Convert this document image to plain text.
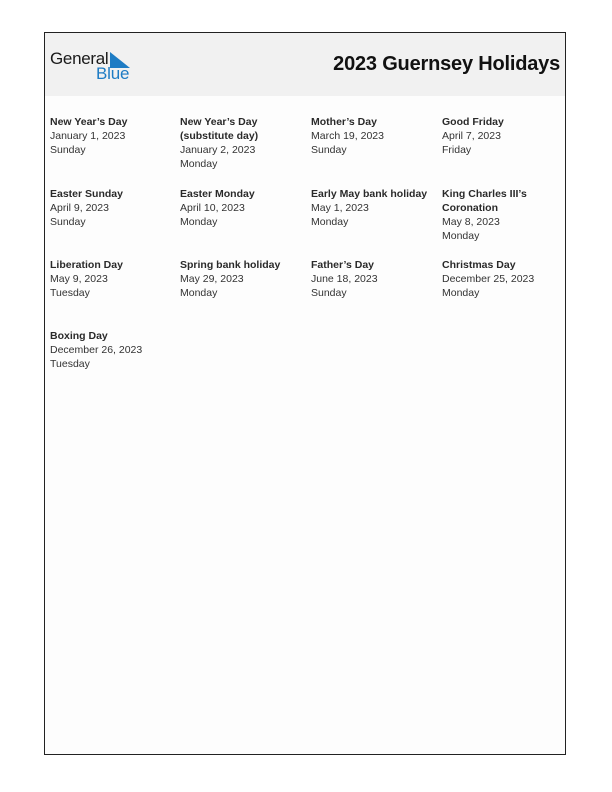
General
Blue	2023 Guernsey Holidays
New Year’s Day
January 1, 2023
Sunday
New Year’s Day (substitute day)
January 2, 2023
Monday
Mother’s Day
March 19, 2023
Sunday
Good Friday
April 7, 2023
Friday
Easter Sunday
April 9, 2023
Sunday
Easter Monday
April 10, 2023
Monday
Early May bank holiday
May 1, 2023
Monday
King Charles III’s Coronation
May 8, 2023
Monday
Liberation Day
May 9, 2023
Tuesday
Spring bank holiday
May 29, 2023
Monday
Father’s Day
June 18, 2023
Sunday
Christmas Day
December 25, 2023
Monday
Boxing Day
December 26, 2023
Tuesday
